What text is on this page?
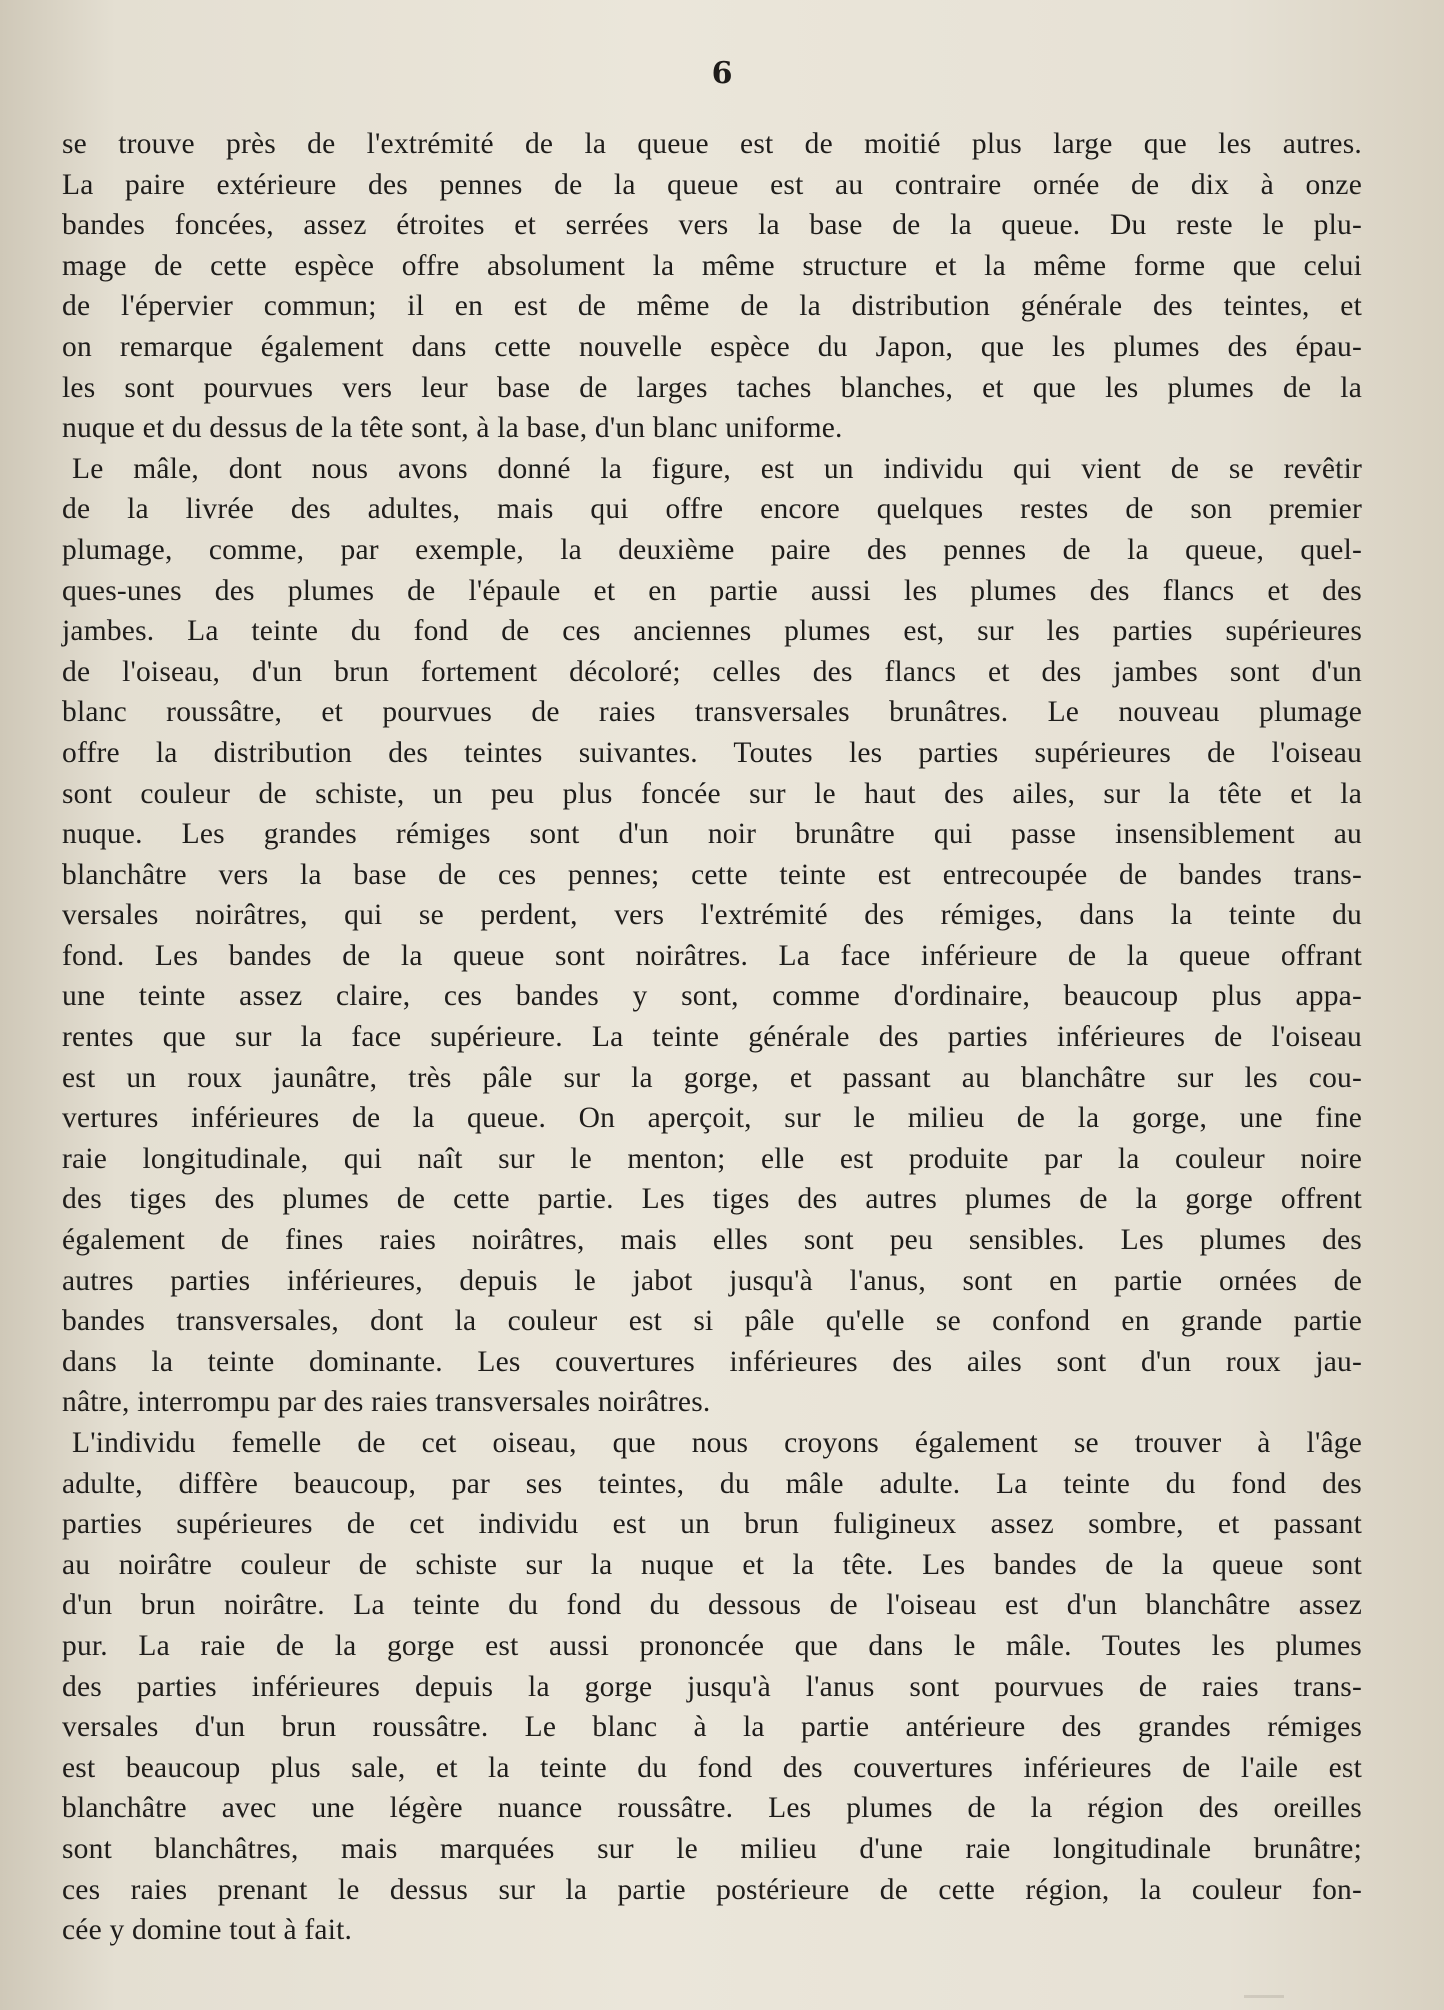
6
se trouve près de l'extrémité de la queue est de moitié plus large que les autres.
La paire extérieure des pennes de la queue est au contraire ornée de dix à onze
bandes foncées, assez étroites et serrées vers la base de la queue. Du reste le plu-
mage de cette espèce offre absolument la même structure et la même forme que celui
de l'épervier commun; il en est de même de la distribution générale des teintes, et
on remarque également dans cette nouvelle espèce du Japon, que les plumes des épau-
les sont pourvues vers leur base de larges taches blanches, et que les plumes de la
nuque et du dessus de la tête sont, à la base, d'un blanc uniforme.
Le mâle, dont nous avons donné la figure, est un individu qui vient de se revêtir
de la livrée des adultes, mais qui offre encore quelques restes de son premier
plumage, comme, par exemple, la deuxième paire des pennes de la queue, quel-
ques-unes des plumes de l'épaule et en partie aussi les plumes des flancs et des
jambes. La teinte du fond de ces anciennes plumes est, sur les parties supérieures
de l'oiseau, d'un brun fortement décoloré; celles des flancs et des jambes sont d'un
blanc roussâtre, et pourvues de raies transversales brunâtres. Le nouveau plumage
offre la distribution des teintes suivantes. Toutes les parties supérieures de l'oiseau
sont couleur de schiste, un peu plus foncée sur le haut des ailes, sur la tête et la
nuque. Les grandes rémiges sont d'un noir brunâtre qui passe insensiblement au
blanchâtre vers la base de ces pennes; cette teinte est entrecoupée de bandes trans-
versales noirâtres, qui se perdent, vers l'extrémité des rémiges, dans la teinte du
fond. Les bandes de la queue sont noirâtres. La face inférieure de la queue offrant
une teinte assez claire, ces bandes y sont, comme d'ordinaire, beaucoup plus appa-
rentes que sur la face supérieure. La teinte générale des parties inférieures de l'oiseau
est un roux jaunâtre, très pâle sur la gorge, et passant au blanchâtre sur les cou-
vertures inférieures de la queue. On aperçoit, sur le milieu de la gorge, une fine
raie longitudinale, qui naît sur le menton; elle est produite par la couleur noire
des tiges des plumes de cette partie. Les tiges des autres plumes de la gorge offrent
également de fines raies noirâtres, mais elles sont peu sensibles. Les plumes des
autres parties inférieures, depuis le jabot jusqu'à l'anus, sont en partie ornées de
bandes transversales, dont la couleur est si pâle qu'elle se confond en grande partie
dans la teinte dominante. Les couvertures inférieures des ailes sont d'un roux jau-
nâtre, interrompu par des raies transversales noirâtres.
L'individu femelle de cet oiseau, que nous croyons également se trouver à l'âge
adulte, diffère beaucoup, par ses teintes, du mâle adulte. La teinte du fond des
parties supérieures de cet individu est un brun fuligineux assez sombre, et passant
au noirâtre couleur de schiste sur la nuque et la tête. Les bandes de la queue sont
d'un brun noirâtre. La teinte du fond du dessous de l'oiseau est d'un blanchâtre assez
pur. La raie de la gorge est aussi prononcée que dans le mâle. Toutes les plumes
des parties inférieures depuis la gorge jusqu'à l'anus sont pourvues de raies trans-
versales d'un brun roussâtre. Le blanc à la partie antérieure des grandes rémiges
est beaucoup plus sale, et la teinte du fond des couvertures inférieures de l'aile est
blanchâtre avec une légère nuance roussâtre. Les plumes de la région des oreilles
sont blanchâtres, mais marquées sur le milieu d'une raie longitudinale brunâtre;
ces raies prenant le dessus sur la partie postérieure de cette région, la couleur fon-
cée y domine tout à fait.
